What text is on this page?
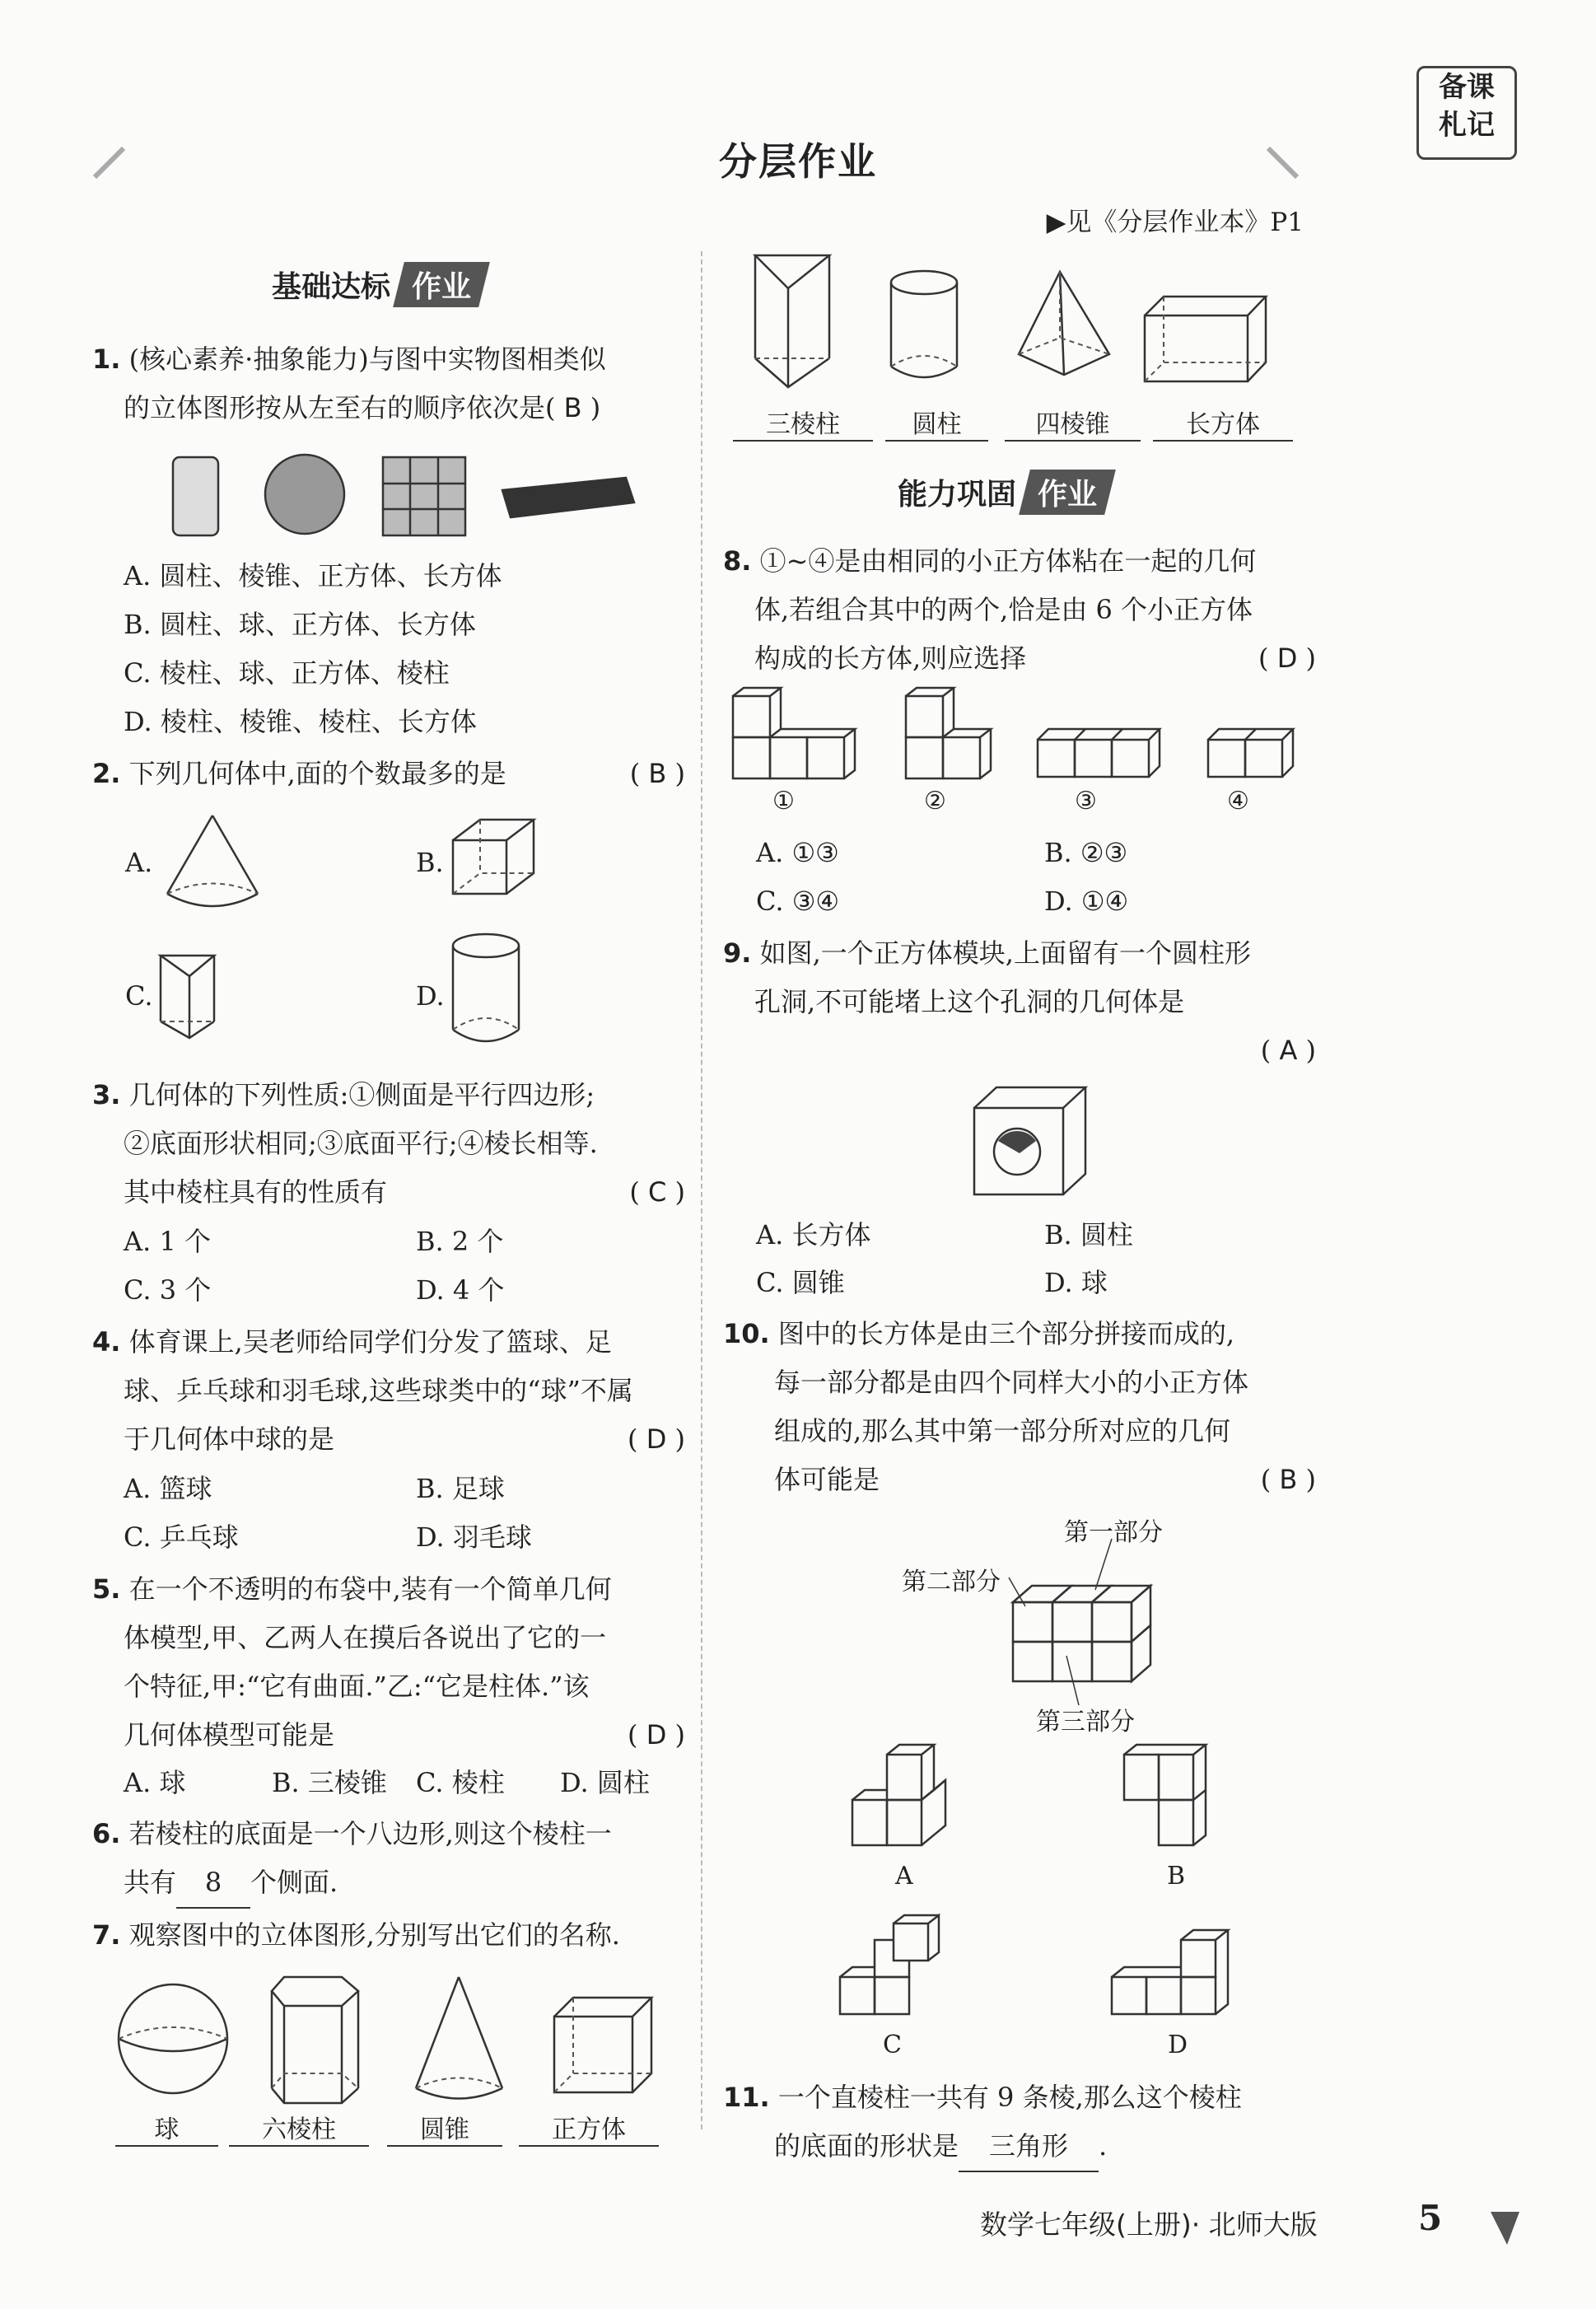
分层作业
▶见《分层作业本》P1
备课
札记
基础达标 作业
能力巩固 作业
1. (核心素养·抽象能力)与图中实物图相类似
的立体图形按从左至右的顺序依次是( B )
A. 圆柱、棱锥、正方体、长方体
B. 圆柱、球、正方体、长方体
C. 棱柱、球、正方体、棱柱
D. 棱柱、棱锥、棱柱、长方体
2. 下列几何体中,面的个数最多的是	( B )
A.	B.
C.	D.
3. 几何体的下列性质:①侧面是平行四边形;
②底面形状相同;③底面平行;④棱长相等.
其中棱柱具有的性质有	( C )
A. 1 个	B. 2 个
C. 3 个	D. 4 个
4. 体育课上,吴老师给同学们分发了篮球、足
球、乒乓球和羽毛球,这些球类中的“球”不属
于几何体中球的是	( D )
A. 篮球	B. 足球
C. 乒乓球	D. 羽毛球
5. 在一个不透明的布袋中,装有一个简单几何
体模型,甲、乙两人在摸后各说出了它的一
个特征,甲:“它有曲面.”乙:“它是柱体.”该
几何体模型可能是	( D )
A. 球	B. 三棱锥 C. 棱柱 D. 圆柱
6. 若棱柱的底面是一个八边形,则这个棱柱一
共有 8 个侧面.
7. 观察图中的立体图形,分别写出它们的名称.
球	六棱柱	圆锥	正方体
三棱柱	圆柱	四棱锥	长方体
8. ①~④是由相同的小正方体粘在一起的几何
体,若组合其中的两个,恰是由 6 个小正方体
构成的长方体,则应选择	( D )
①	②	③	④
A. ①③	B. ②③
C. ③④	D. ①④
9. 如图,一个正方体模块,上面留有一个圆柱形
孔洞,不可能堵上这个孔洞的几何体是
( A )
A. 长方体	B. 圆柱
C. 圆锥	D. 球
10. 图中的长方体是由三个部分拼接而成的,
每一部分都是由四个同样大小的小正方体
组成的,那么其中第一部分所对应的几何
体可能是	( B )
第一部分
第二部分
第三部分
A	B
C	D
11. 一个直棱柱一共有 9 条棱,那么这个棱柱
的底面的形状是 三角形 .
数学七年级(上册)· 北师大版	5
